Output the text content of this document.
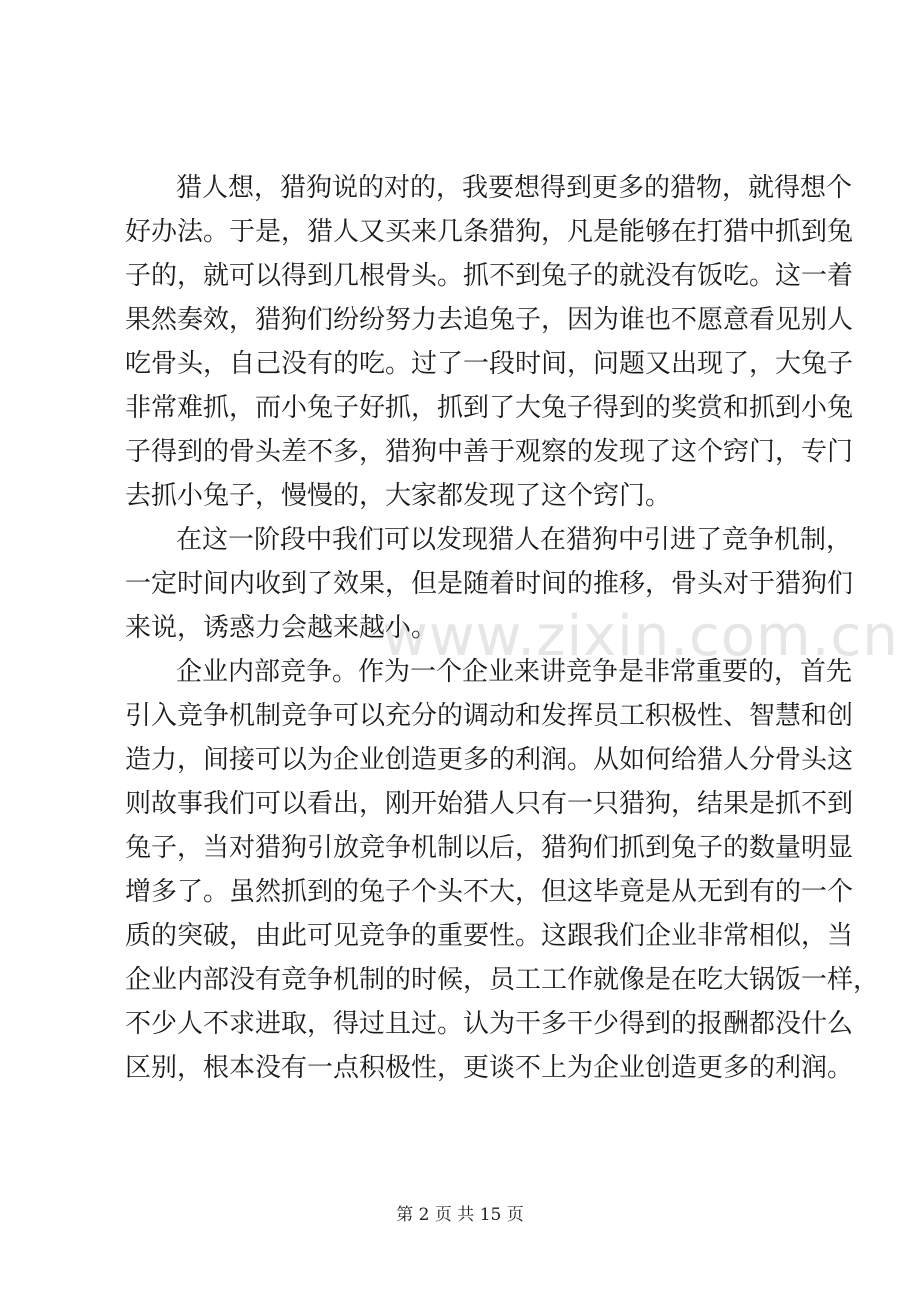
www.zixin.com.cn
猎人想，猎狗说的对的，我要想得到更多的猎物，就得想个
好办法。于是，猎人又买来几条猎狗，凡是能够在打猎中抓到兔
子的，就可以得到几根骨头。抓不到兔子的就没有饭吃。这一着
果然奏效，猎狗们纷纷努力去追兔子，因为谁也不愿意看见别人
吃骨头，自己没有的吃。过了一段时间，问题又出现了，大兔子
非常难抓，而小兔子好抓，抓到了大兔子得到的奖赏和抓到小兔
子得到的骨头差不多，猎狗中善于观察的发现了这个窍门，专门
去抓小兔子，慢慢的，大家都发现了这个窍门。
在这一阶段中我们可以发现猎人在猎狗中引进了竞争机制，
一定时间内收到了效果，但是随着时间的推移，骨头对于猎狗们
来说，诱惑力会越来越小。
企业内部竞争。作为一个企业来讲竞争是非常重要的，首先
引入竞争机制竞争可以充分的调动和发挥员工积极性、智慧和创
造力，间接可以为企业创造更多的利润。从如何给猎人分骨头这
则故事我们可以看出，刚开始猎人只有一只猎狗，结果是抓不到
兔子，当对猎狗引放竞争机制以后，猎狗们抓到兔子的数量明显
增多了。虽然抓到的兔子个头不大，但这毕竟是从无到有的一个
质的突破，由此可见竞争的重要性。这跟我们企业非常相似，当
企业内部没有竞争机制的时候，员工工作就像是在吃大锅饭一样，
不少人不求进取，得过且过。认为干多干少得到的报酬都没什么
区别，根本没有一点积极性，更谈不上为企业创造更多的利润。
第 2 页 共 15 页
